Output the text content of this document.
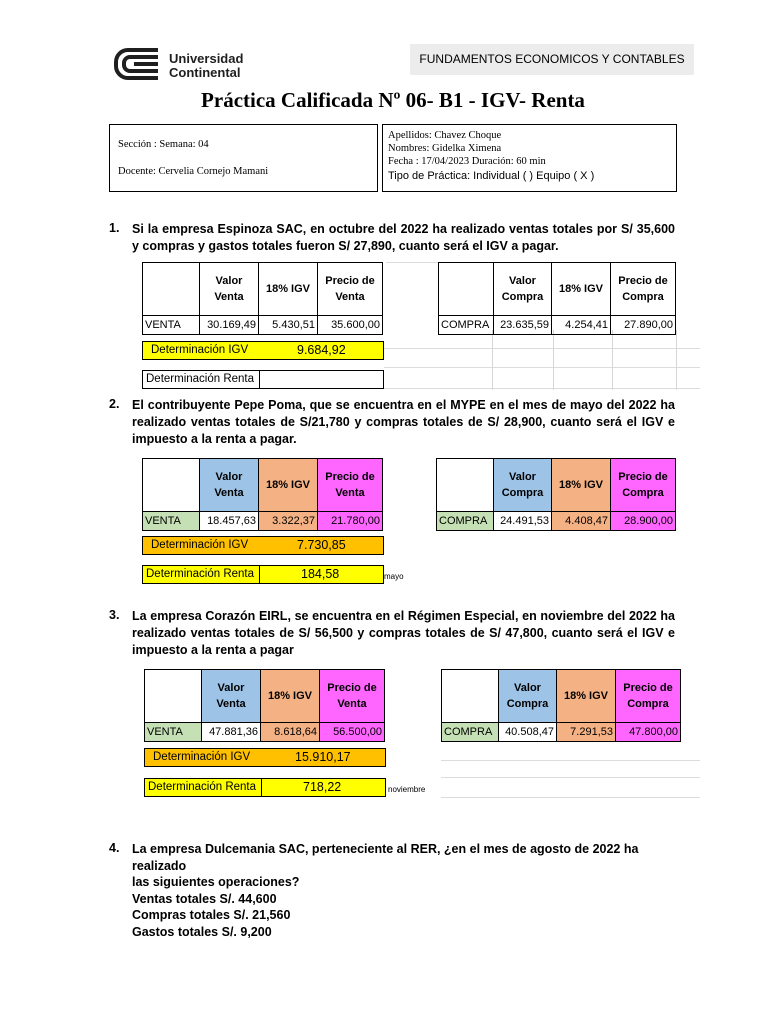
Universidad
Continental
FUNDAMENTOS ECONOMICOS Y CONTABLES
Práctica Calificada Nº 06- B1 - IGV- Renta
Sección : Semana: 04
Docente: Cervelia Cornejo Mamani
Apellidos: Chavez Choque
Nombres: Gidelka Ximena
Fecha : 17/04/2023 Duración: 60 min
Tipo de Práctica: Individual ( ) Equipo ( X )
1. Si la empresa Espinoza SAC, en octubre del 2022 ha realizado ventas totales por S/ 35,600 y compras y gastos totales fueron S/ 27,890, cuanto será el IGV a pagar.
	Valor Venta	18% IGV	Precio de Venta
VENTA	30.169,49	5.430,51	35.600,00
	Valor Compra	18% IGV	Precio de Compra
COMPRA	23.635,59	4.254,41	27.890,00
Determinación IGV	9.684,92
Determinación Renta
2. El contribuyente Pepe Poma, que se encuentra en el MYPE en el mes de mayo del 2022 ha realizado ventas totales de S/21,780 y compras totales de S/ 28,900, cuanto será el IGV e impuesto a la renta a pagar.
	Valor Venta	18% IGV	Precio de Venta
VENTA	18.457,63	3.322,37	21.780,00
	Valor Compra	18% IGV	Precio de Compra
COMPRA	24.491,53	4.408,47	28.900,00
Determinación IGV	7.730,85
Determinación Renta	184,58	mayo
3. La empresa Corazón EIRL, se encuentra en el Régimen Especial, en noviembre del 2022 ha realizado ventas totales de S/ 56,500 y compras totales de S/ 47,800, cuanto será el IGV e impuesto a la renta a pagar
	Valor Venta	18% IGV	Precio de Venta
VENTA	47.881,36	8.618,64	56.500,00
	Valor Compra	18% IGV	Precio de Compra
COMPRA	40.508,47	7.291,53	47.800,00
Determinación IGV	15.910,17
Determinación Renta	718,22	noviembre
4. La empresa Dulcemania SAC, perteneciente al RER, ¿en el mes de agosto de 2022 ha realizado
las siguientes operaciones?
Ventas totales S/. 44,600
Compras totales S/. 21,560
Gastos totales S/. 9,200
